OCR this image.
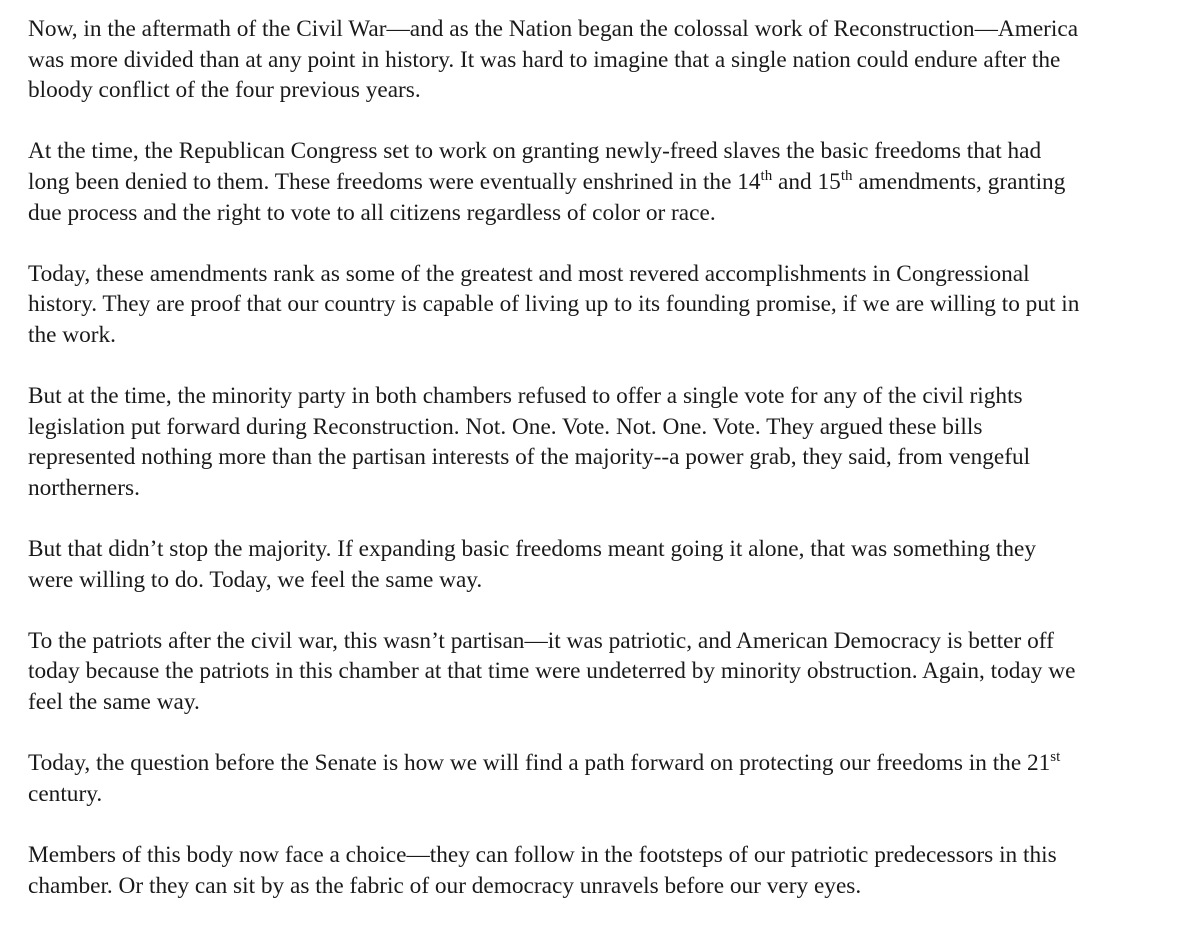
Now, in the aftermath of the Civil War—and as the Nation began the colossal work of Reconstruction—America
was more divided than at any point in history. It was hard to imagine that a single nation could endure after the
bloody conflict of the four previous years.

At the time, the Republican Congress set to work on granting newly-freed slaves the basic freedoms that had
long been denied to them. These freedoms were eventually enshrined in the 14th and 15th amendments, granting
due process and the right to vote to all citizens regardless of color or race.

Today, these amendments rank as some of the greatest and most revered accomplishments in Congressional
history. They are proof that our country is capable of living up to its founding promise, if we are willing to put in
the work.

But at the time, the minority party in both chambers refused to offer a single vote for any of the civil rights
legislation put forward during Reconstruction. Not. One. Vote. Not. One. Vote. They argued these bills
represented nothing more than the partisan interests of the majority--a power grab, they said, from vengeful
northerners.

But that didn’t stop the majority. If expanding basic freedoms meant going it alone, that was something they
were willing to do. Today, we feel the same way.

To the patriots after the civil war, this wasn’t partisan—it was patriotic, and American Democracy is better off
today because the patriots in this chamber at that time were undeterred by minority obstruction. Again, today we
feel the same way.

Today, the question before the Senate is how we will find a path forward on protecting our freedoms in the 21st
century.

Members of this body now face a choice—they can follow in the footsteps of our patriotic predecessors in this
chamber. Or they can sit by as the fabric of our democracy unravels before our very eyes.
